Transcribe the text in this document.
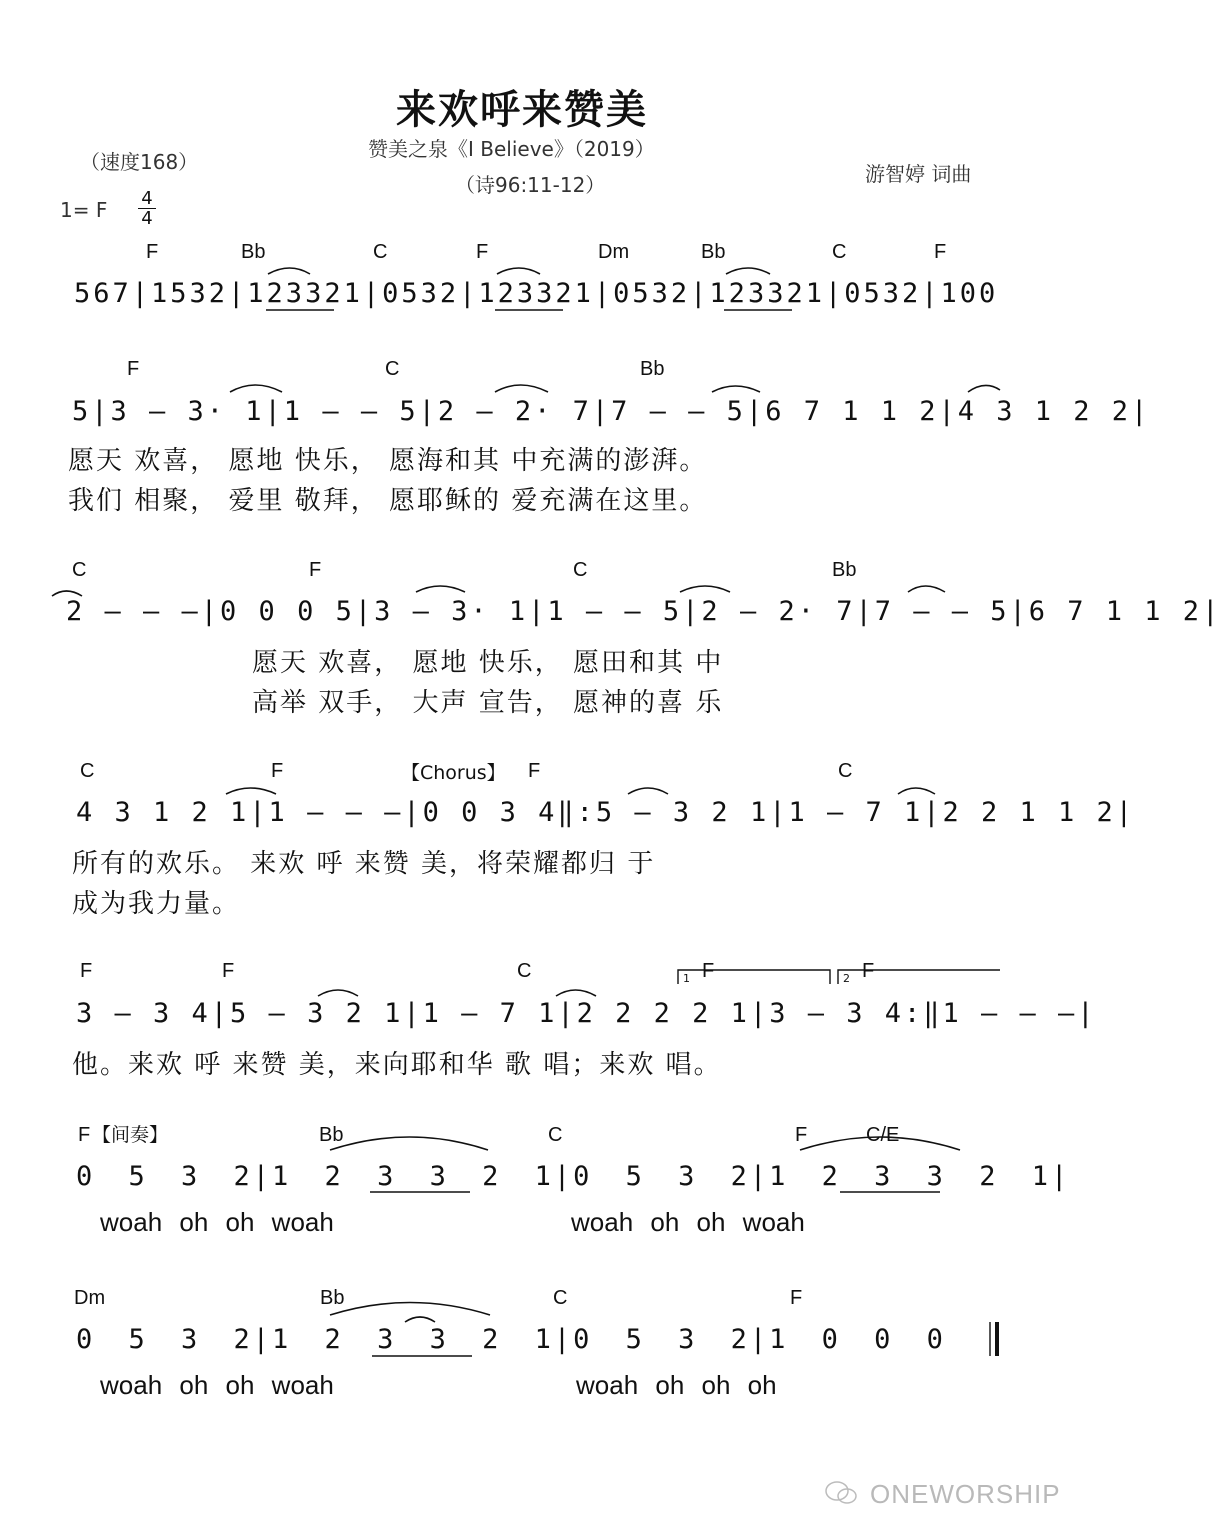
来欢呼来赞美
赞美之泉《I Believe》（2019）
（诗96:11-12）
（速度168）	游智婷 词曲
1= F 4
4
F	Bb	C	F	Dm	Bb	C	F
567|1532|123321|0532|123321|0532|123321|0532|100
F	C	Bb
5|3 – 3· 1|1 – – 5|2 – 2· 7|7 – – 5|6 7 1 1 2|4 3 1 2 2|
愿天 欢喜， 愿地 快乐， 愿海和其 中充满的澎湃。
我们 相聚， 爱里 敬拜， 愿耶稣的 爱充满在这里。
C	F	C	Bb
2 – – –|0 0 0 5|3 – 3· 1|1 – – 5|2 – 2· 7|7 – – 5|6 7 1 1 2|
愿天 欢喜， 愿地 快乐， 愿田和其 中
高举 双手， 大声 宣告， 愿神的喜 乐
C	F	【Chorus】 F	C
4 3 1 2 1|1 – – –|0 0 3 4‖:5 – 3 2 1|1 – 7 1|2 2 1 1 2|
所有的欢乐。 来欢 呼 来赞 美，将荣耀都归 于
成为我力量。
F	F	C	F	F
1	2
3 – 3 4|5 – 3 2 1|1 – 7 1|2 2 2 2 1|3 – 3 4:‖1 – – –|
他。来欢 呼 来赞 美，来向耶和华 歌 唱；来欢 唱。
F 【间奏】	Bb	C	F	C/E
0 5 3 2|1 2 3 3 2 1|0 5 3 2|1 2 3 3 2 1|
woah oh oh woah	woah oh oh woah
Dm	Bb	C	F
0 5 3 2|1 2 3 3 2 1|0 5 3 2|1 0 0 0
woah oh oh woah	woah oh oh oh
ONEWORSHIP
